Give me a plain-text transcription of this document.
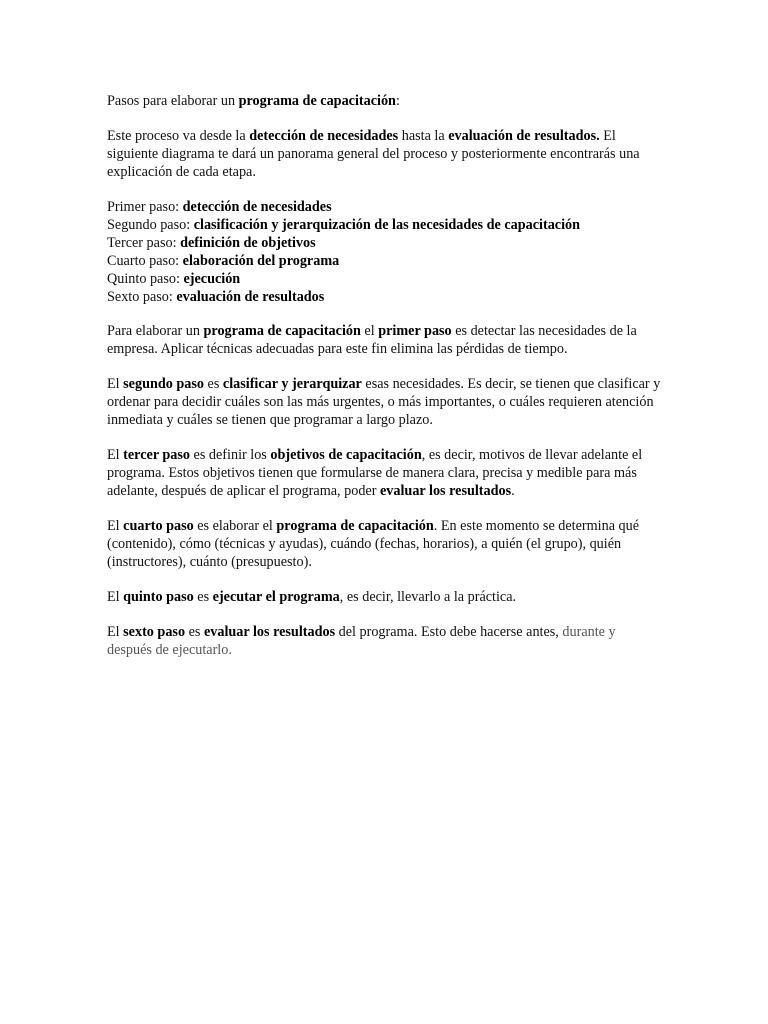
Pasos para elaborar un programa de capacitación:

Este proceso va desde la detección de necesidades hasta la evaluación de resultados. El siguiente diagrama te dará un panorama general del proceso y posteriormente encontrarás una explicación de cada etapa.

Primer paso: detección de necesidades
Segundo paso: clasificación y jerarquización de las necesidades de capacitación
Tercer paso: definición de objetivos
Cuarto paso: elaboración del programa
Quinto paso: ejecución
Sexto paso: evaluación de resultados

Para elaborar un programa de capacitación el primer paso es detectar las necesidades de la empresa. Aplicar técnicas adecuadas para este fin elimina las pérdidas de tiempo.

El segundo paso es clasificar y jerarquizar esas necesidades. Es decir, se tienen que clasificar y ordenar para decidir cuáles son las más urgentes, o más importantes, o cuáles requieren atención inmediata y cuáles se tienen que programar a largo plazo.

El tercer paso es definir los objetivos de capacitación, es decir, motivos de llevar adelante el programa. Estos objetivos tienen que formularse de manera clara, precisa y medible para más adelante, después de aplicar el programa, poder evaluar los resultados.

El cuarto paso es elaborar el programa de capacitación. En este momento se determina qué (contenido), cómo (técnicas y ayudas), cuándo (fechas, horarios), a quién (el grupo), quién (instructores), cuánto (presupuesto).

El quinto paso es ejecutar el programa, es decir, llevarlo a la práctica.

El sexto paso es evaluar los resultados del programa. Esto debe hacerse antes, durante y después de ejecutarlo.
